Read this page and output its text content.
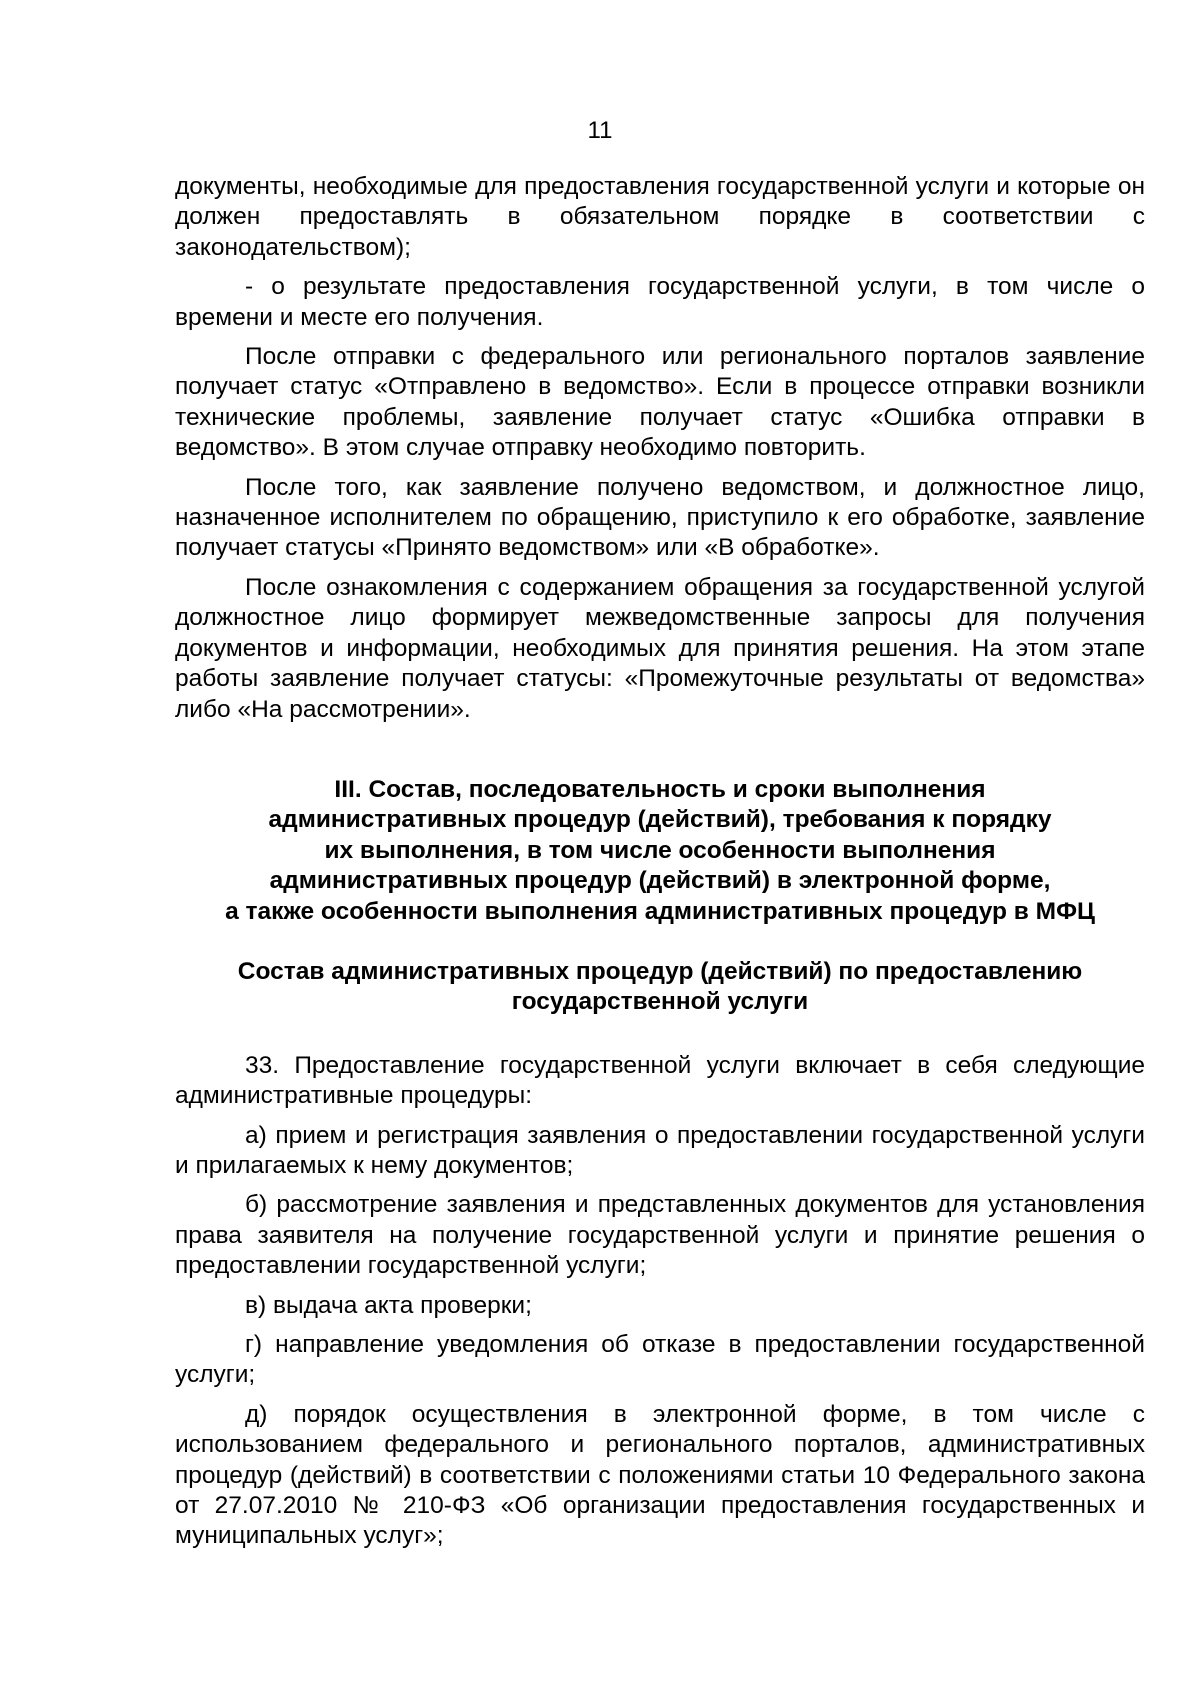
11

документы, необходимые для предоставления государственной услуги и которые он должен предоставлять в обязательном порядке в соответствии с законодательством);

- о результате предоставления государственной услуги, в том числе о времени и месте его получения.

После отправки с федерального или регионального порталов заявление получает статус «Отправлено в ведомство». Если в процессе отправки возникли технические проблемы, заявление получает статус «Ошибка отправки в ведомство». В этом случае отправку необходимо повторить.

После того, как заявление получено ведомством, и должностное лицо, назначенное исполнителем по обращению, приступило к его обработке, заявление получает статусы «Принято ведомством» или «В обработке».

После ознакомления с содержанием обращения за государственной услугой должностное лицо формирует межведомственные запросы для получения документов и информации, необходимых для принятия решения. На этом этапе работы заявление получает статусы: «Промежуточные результаты от ведомства» либо «На рассмотрении».

III. Состав, последовательность и сроки выполнения
административных процедур (действий), требования к порядку
их выполнения, в том числе особенности выполнения
административных процедур (действий) в электронной форме,
а также особенности выполнения административных процедур в МФЦ
Состав административных процедур (действий) по предоставлению
государственной услуги

33. Предоставление государственной услуги включает в себя следующие административные процедуры:

а) прием и регистрация заявления о предоставлении государственной услуги и прилагаемых к нему документов;

б) рассмотрение заявления и представленных документов для установления права заявителя на получение государственной услуги и принятие решения о предоставлении государственной услуги;

в) выдача акта проверки;

г) направление уведомления об отказе в предоставлении государственной услуги;

д) порядок осуществления в электронной форме, в том числе с использованием федерального и регионального порталов, административных процедур (действий) в соответствии с положениями статьи 10 Федерального закона от 27.07.2010 № 210-ФЗ «Об организации предоставления государственных и муниципальных услуг»;
